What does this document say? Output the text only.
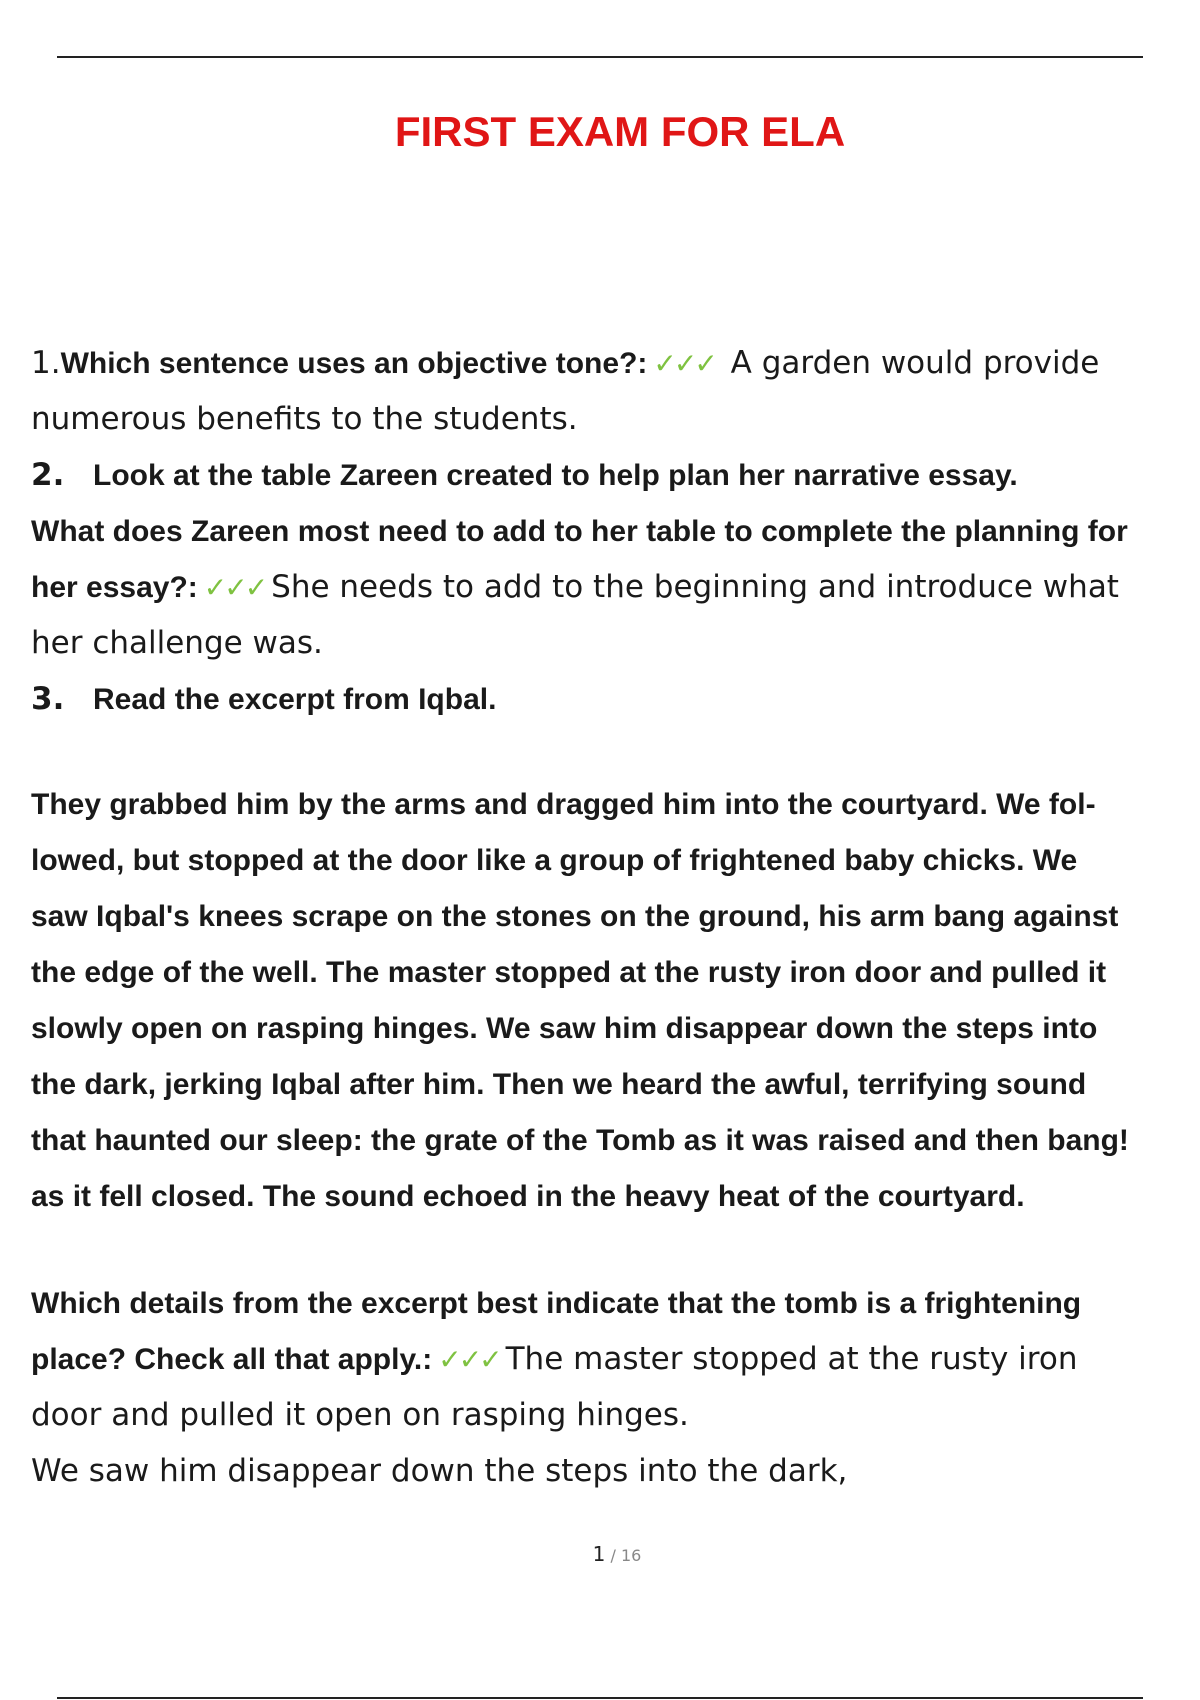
FIRST EXAM FOR ELA
1.Which sentence uses an objective tone?: ✓✓✓ A garden would provide
numerous benefits to the students.
2. Look at the table Zareen created to help plan her narrative essay.
What does Zareen most need to add to her table to complete the planning for
her essay?: ✓✓✓ She needs to add to the beginning and introduce what
her challenge was.
3. Read the excerpt from Iqbal.
They grabbed him by the arms and dragged him into the courtyard. We fol-
lowed, but stopped at the door like a group of frightened baby chicks. We
saw Iqbal's knees scrape on the stones on the ground, his arm bang against
the edge of the well. The master stopped at the rusty iron door and pulled it
slowly open on rasping hinges. We saw him disappear down the steps into
the dark, jerking Iqbal after him. Then we heard the awful, terrifying sound
that haunted our sleep: the grate of the Tomb as it was raised and then bang!
as it fell closed. The sound echoed in the heavy heat of the courtyard.
Which details from the excerpt best indicate that the tomb is a frightening
place? Check all that apply.: ✓✓✓ The master stopped at the rusty iron
door and pulled it open on rasping hinges.
We saw him disappear down the steps into the dark,
1 / 16
